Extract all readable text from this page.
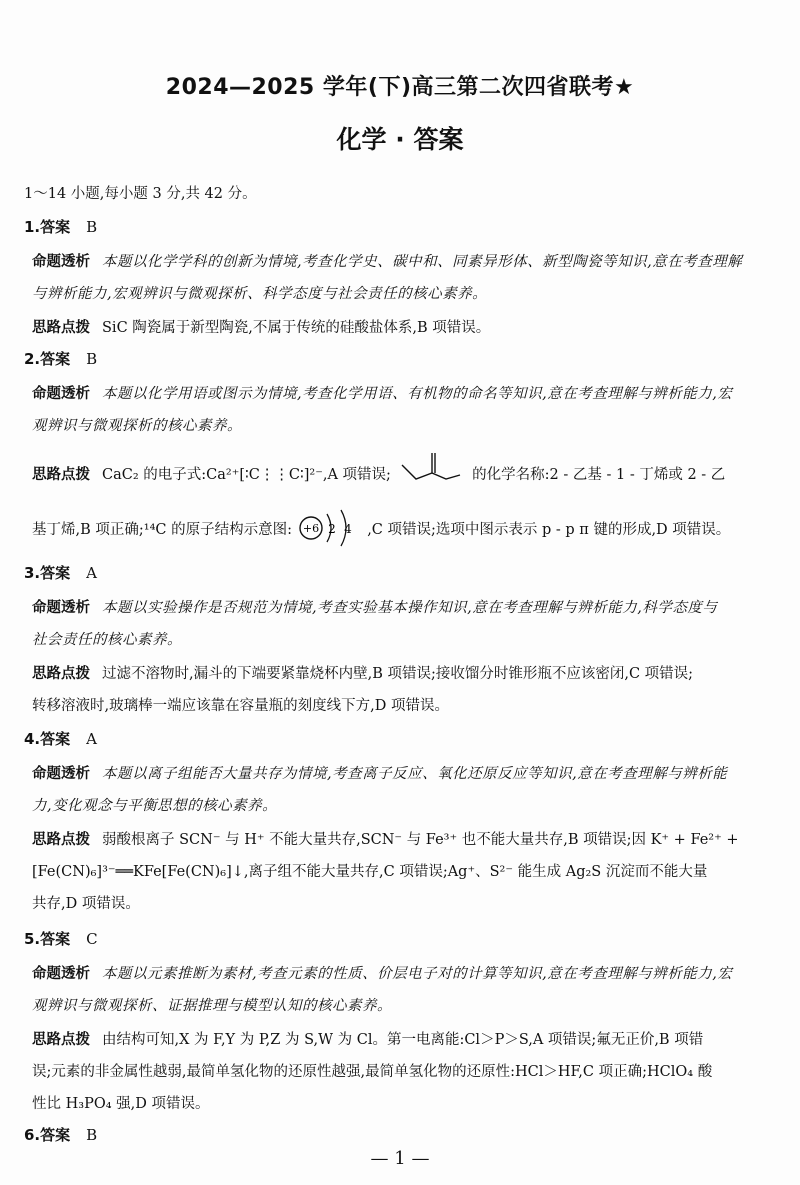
2024—2025 学年(下)高三第二次四省联考★
化学 · 答案
1～14 小题,每小题 3 分,共 42 分。
1.答案 B
命题透析 本题以化学学科的创新为情境,考查化学史、碳中和、同素异形体、新型陶瓷等知识,意在考查理解
与辨析能力,宏观辨识与微观探析、科学态度与社会责任的核心素养。
思路点拨 SiC 陶瓷属于新型陶瓷,不属于传统的硅酸盐体系,B 项错误。
2.答案 B
命题透析 本题以化学用语或图示为情境,考查化学用语、有机物的命名等知识,意在考查理解与辨析能力,宏
观辨识与微观探析的核心素养。
思路点拨 CaC₂ 的电子式:Ca²⁺[∶C⋮⋮C∶]²⁻,A 项错误;	的化学名称:2 - 乙基 - 1 - 丁烯或 2 - 乙
基丁烯,B 项正确;¹⁴C 的原子结构示意图: +6 2 4 ,C 项错误;选项中图示表示 p - p π 键的形成,D 项错误。
3.答案 A
命题透析 本题以实验操作是否规范为情境,考查实验基本操作知识,意在考查理解与辨析能力,科学态度与
社会责任的核心素养。
思路点拨 过滤不溶物时,漏斗的下端要紧靠烧杯内壁,B 项错误;接收馏分时锥形瓶不应该密闭,C 项错误;
转移溶液时,玻璃棒一端应该靠在容量瓶的刻度线下方,D 项错误。
4.答案 A
命题透析 本题以离子组能否大量共存为情境,考查离子反应、氧化还原反应等知识,意在考查理解与辨析能
力,变化观念与平衡思想的核心素养。
思路点拨 弱酸根离子 SCN⁻ 与 H⁺ 不能大量共存,SCN⁻ 与 Fe³⁺ 也不能大量共存,B 项错误;因 K⁺ + Fe²⁺ +
[Fe(CN)₆]³⁻══KFe[Fe(CN)₆]↓,离子组不能大量共存,C 项错误;Ag⁺、S²⁻ 能生成 Ag₂S 沉淀而不能大量
共存,D 项错误。
5.答案 C
命题透析 本题以元素推断为素材,考查元素的性质、价层电子对的计算等知识,意在考查理解与辨析能力,宏
观辨识与微观探析、证据推理与模型认知的核心素养。
思路点拨 由结构可知,X 为 F,Y 为 P,Z 为 S,W 为 Cl。第一电离能:Cl＞P＞S,A 项错误;氟无正价,B 项错
误;元素的非金属性越弱,最简单氢化物的还原性越强,最简单氢化物的还原性:HCl＞HF,C 项正确;HClO₄ 酸
性比 H₃PO₄ 强,D 项错误。
6.答案 B
— 1 —
